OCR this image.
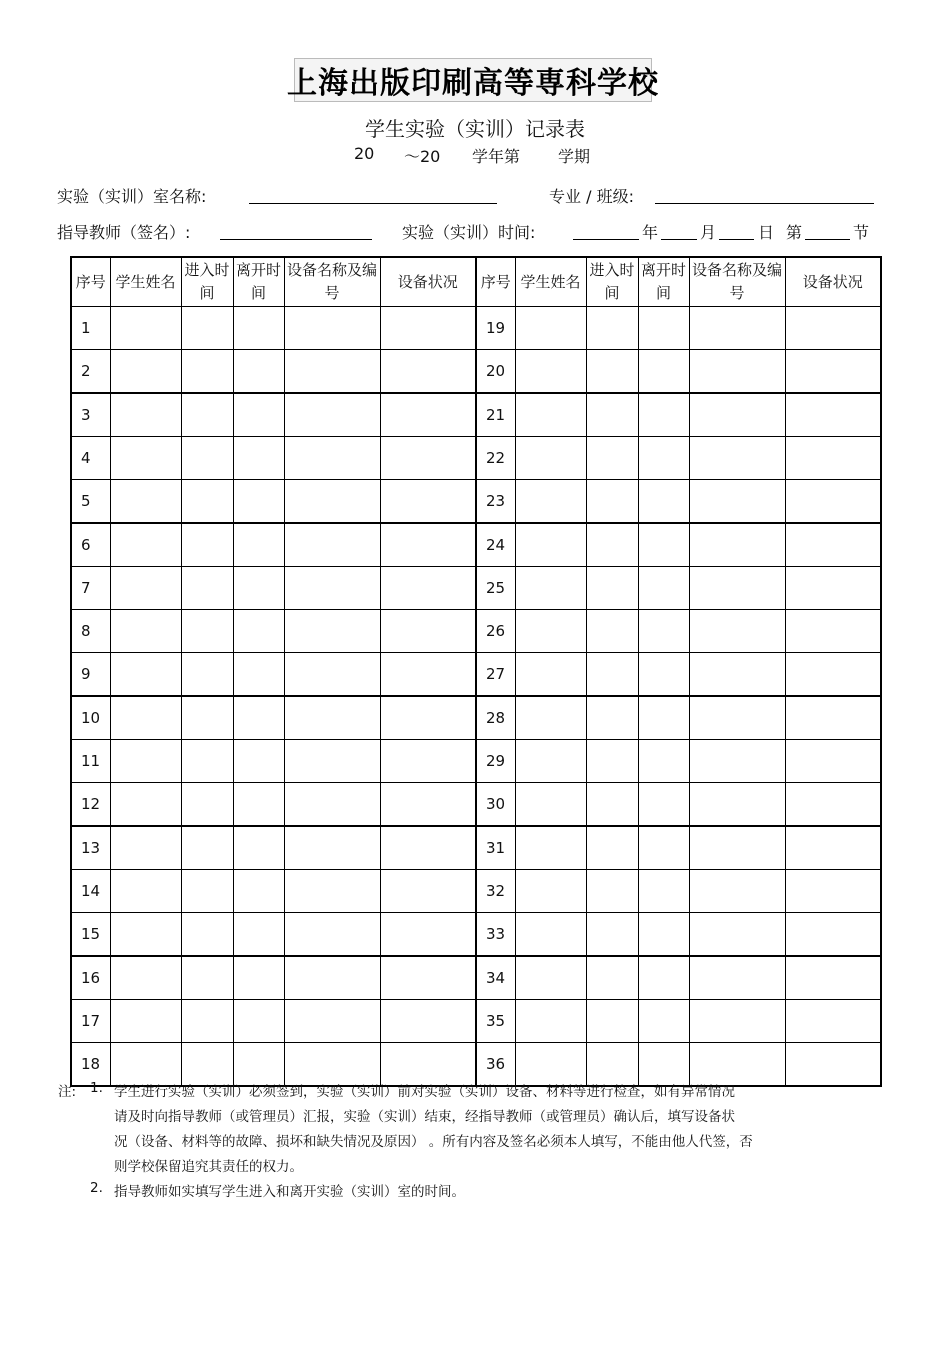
上海出版印刷高等専科学校
学生实验（实训）记录表
20 ～20 学年第 学期
实验（实训）室名称:	专业 / 班级:
指导教师（签名）:	实验（实训）时间:	年	月	日 第	节
序号	学生姓名	进入时间	离开时间	设备名称及编号	设备状况	序号	学生姓名	进入时间	离开时间	设备名称及编号	设备状况
1						19					
2						20					
3						21					
4						22					
5						23					
6						24					
7						25					
8						26					
9						27					
10						28					
11						29					
12						30					
13						31					
14						32					
15						33					
16						34					
17						35					
18						36					
注: 1. 学生进行实验（实训）必须签到，实验（实训）前对实验（实训）设备、材料等进行检查，如有异常情况
请及时向指导教师（或管理员）汇报，实验（实训）结束，经指导教师（或管理员）确认后，填写设备状
况（设备、材料等的故障、损坏和缺失情况及原因） 。所有内容及签名必须本人填写，不能由他人代签，否
则学校保留追究其责任的权力。
2. 指导教师如实填写学生进入和离开实验（实训）室的时间。
